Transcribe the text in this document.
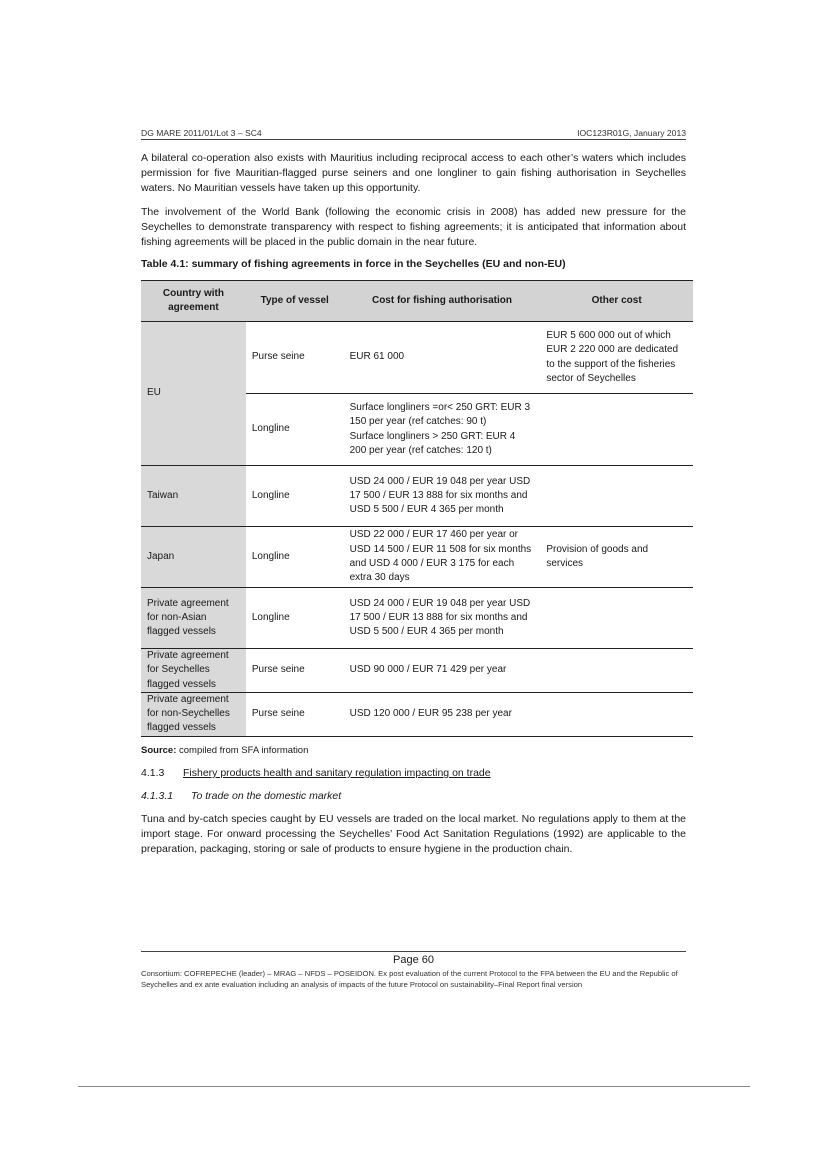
DG MARE 2011/01/Lot 3 – SC4	IOC123R01G, January 2013

A bilateral co-operation also exists with Mauritius including reciprocal access to each other’s waters which includes permission for five Mauritian-flagged purse seiners and one longliner to gain fishing authorisation in Seychelles waters. No Mauritian vessels have taken up this opportunity.

The involvement of the World Bank (following the economic crisis in 2008) has added new pressure for the Seychelles to demonstrate transparency with respect to fishing agreements; it is anticipated that information about fishing agreements will be placed in the public domain in the near future.

Table 4.1: summary of fishing agreements in force in the Seychelles (EU and non-EU)

Country with agreement	Type of vessel	Cost for fishing authorisation	Other cost
EU	Purse seine	EUR 61 000	EUR 5 600 000 out of which EUR 2 220 000 are dedicated to the support of the fisheries sector of Seychelles
	Longline	Surface longliners =or< 250 GRT: EUR 3 150 per year (ref catches: 90 t)
Surface longliners > 250 GRT: EUR 4 200 per year (ref catches: 120 t)	

Taiwan	Longline	USD 24 000 / EUR 19 048 per year USD 17 500 / EUR 13 888 for six months and USD 5 500 / EUR 4 365 per month	
Japan	Longline	USD 22 000 / EUR 17 460 per year or USD 14 500 / EUR 11 508 for six months and USD 4 000 / EUR 3 175 for each extra 30 days	Provision of goods and services
Private agreement for non-Asian flagged vessels	Longline	USD 24 000 / EUR 19 048 per year USD 17 500 / EUR 13 888 for six months and USD 5 500 / EUR 4 365 per month	
Private agreement for Seychelles flagged vessels	Purse seine	USD 90 000 / EUR 71 429 per year	
Private agreement for non-Seychelles flagged vessels	Purse seine	USD 120 000 / EUR 95 238 per year	

Source: compiled from SFA information

4.1.3 Fishery products health and sanitary regulation impacting on trade

4.1.3.1 To trade on the domestic market

Tuna and by-catch species caught by EU vessels are traded on the local market. No regulations apply to them at the import stage. For onward processing the Seychelles’ Food Act Sanitation Regulations (1992) are applicable to the preparation, packaging, storing or sale of products to ensure hygiene in the production chain.

Page 60

Consortium: COFREPECHE (leader) – MRAG – NFDS – POSEIDON. Ex post evaluation of the current Protocol to the FPA between the EU and the Republic of Seychelles and ex ante evaluation including an analysis of impacts of the future Protocol on sustainability–Final Report final version
